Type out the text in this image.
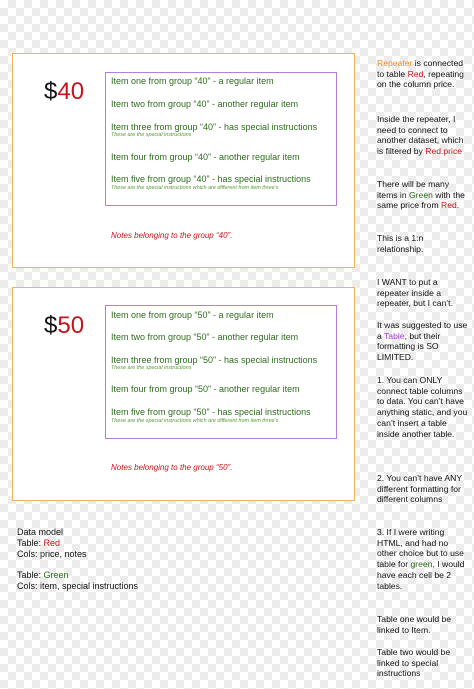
$40	Item one from group “40” - a regular item
Item two from group “40” - another regular item
Item three from group “40” - has special instructions
These are the special instructions
Item four from group “40” - another regular item
Item five from group “40” - has special instructions
These are the special instructions which are different from item three’s
Notes belonging to the group “40”.
$50	Item one from group “50” - a regular item
Item two from group “50” - another regular item
Item three from group “50” - has special instructions
These are the special instructions
Item four from group “50” - another regular item
Item five from group “50” - has special instructions
These are the special instructions which are different from item three’s
Notes belonging to the group “50”.
Data model
Table: Red
Cols: price, notes
Table: Green
Cols: item, special instructions
Repeater is connected to table Red, repeating on the column price.
Inside the repeater, I need to connect to another dataset, which is filtered by Red.price
There will be many items in Green with the same price from Red.
This is a 1:n relationship.
I WANT to put a repeater inside a repeater, but I can’t.
It was suggested to use a Table, but their formatting is SO LIMITED.
1. You can ONLY connect table columns to data. You can’t have anything static, and you can’t insert a table inside another table.
2. You can’t have ANY different formatting for different columns
3. If I were writing HTML, and had no other choice but to use table for green, I would have each cell be 2 tables.
Table one would be linked to Item.
Table two would be linked to special instructions
